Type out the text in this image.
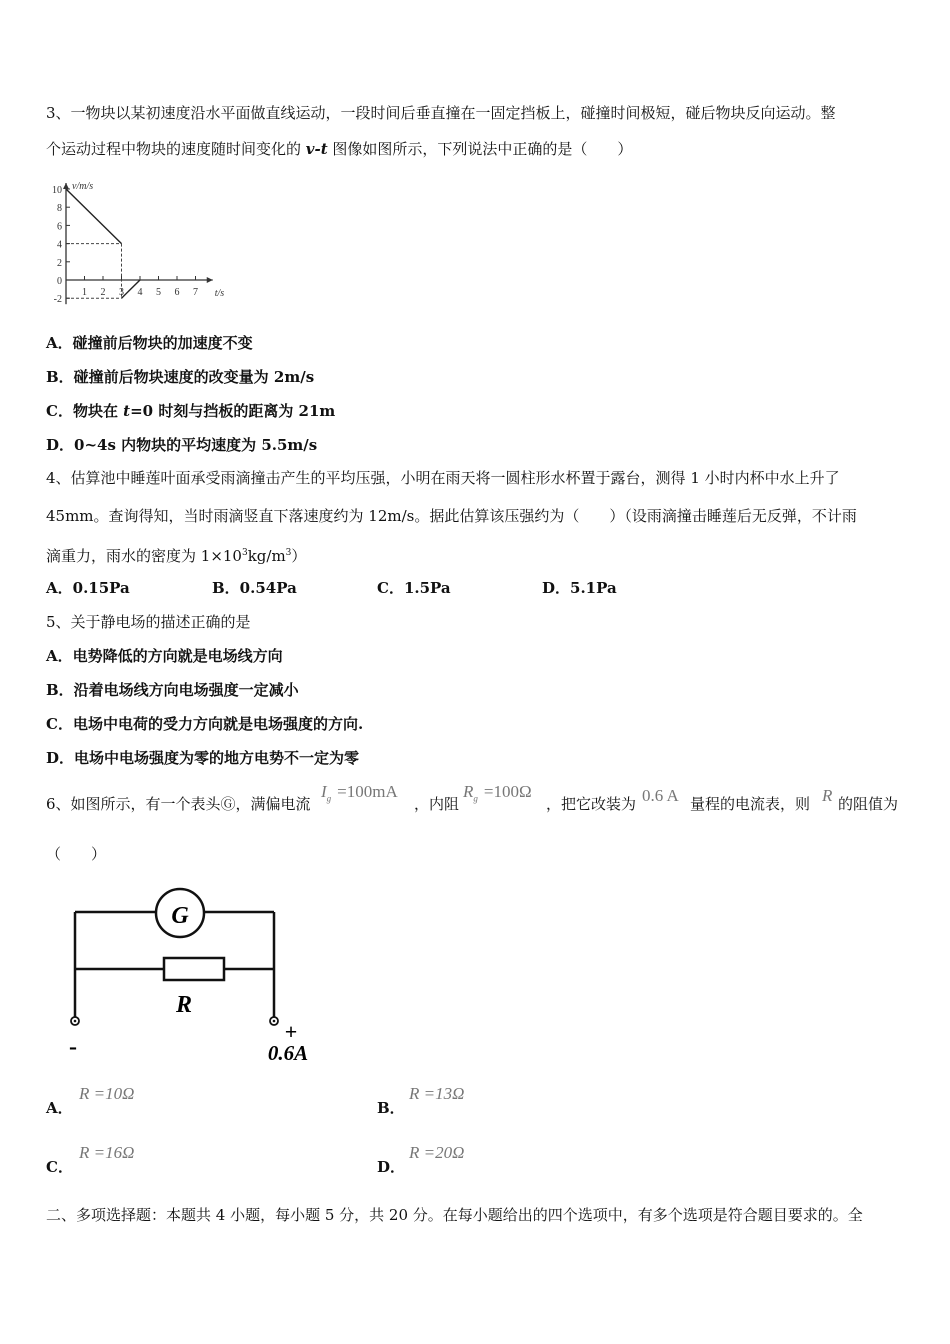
3、一物块以某初速度沿水平面做直线运动，一段时间后垂直撞在一固定挡板上，碰撞时间极短，碰后物块反向运动。整
个运动过程中物块的速度随时间变化的 v-t 图像如图所示，下列说法中正确的是（　　）
v/m/s
t/s
10
8
6
4
2
0
-2
1 2 3 4 5 6 7
A．碰撞前后物块的加速度不变
B．碰撞前后物块速度的改变量为 2m/s
C．物块在 t=0 时刻与挡板的距离为 21m
D．0~4s 内物块的平均速度为 5.5m/s
4、估算池中睡莲叶面承受雨滴撞击产生的平均压强，小明在雨天将一圆柱形水杯置于露台，测得 1 小时内杯中水上升了
45mm。查询得知，当时雨滴竖直下落速度约为 12m/s。据此估算该压强约为（　　）（设雨滴撞击睡莲后无反弹，不计雨
滴重力，雨水的密度为 $1\times 10^3kg/m^3$）
A．0.15Pa	B．0.54Pa	C．1.5Pa	D．5.1Pa
5、关于静电场的描述正确的是
A．电势降低的方向就是电场线方向
B．沿着电场线方向电场强度一定减小
C．电场中电荷的受力方向就是电场强度的方向.
D．电场中电场强度为零的地方电势不一定为零
6、如图所示，有一个表头Ⓖ，满偏电流
$I_g =100mA$
，内阻
$R_g =100\Omega$
，把它改装为 0.6 A 量程的电流表，则 R 的阻值为
（　　）
G
R
-
+
0.6A
A．
R =10Ω
B．
R =13Ω
C．
R =16Ω
D．
R =20Ω
二、多项选择题：本题共 4 小题，每小题 5 分，共 20 分。在每小题给出的四个选项中，有多个选项是符合题目要求的。全
